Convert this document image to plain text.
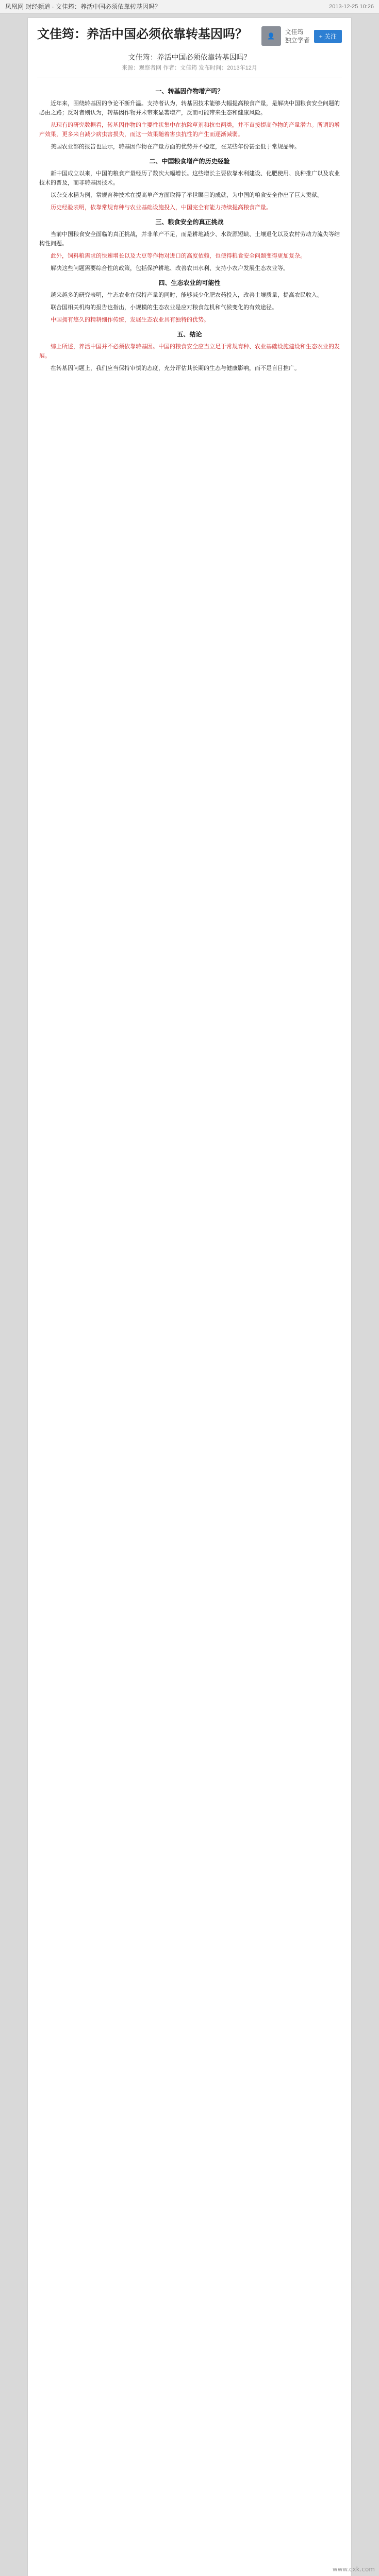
凤凰网 财经频道 · 文佳筠：养活中国必须依靠转基因吗？	2013-12-25 10:26
文佳筠：养活中国必须依靠转基因吗？	👤
文佳筠
独立学者
+ 关注
文佳筠：养活中国必须依靠转基因吗？
来源：观察者网 作者：文佳筠 发布时间：2013年12月
一、转基因作物增产吗？

近年来，围绕转基因的争论不断升温。支持者认为，转基因技术能够大幅提高粮食产量，是解决中国粮食安全问题的必由之路；反对者则认为，转基因作物并未带来显著增产，反而可能带来生态和健康风险。

从现有的研究数据看，转基因作物的主要性状集中在抗除草剂和抗虫两类，并不直接提高作物的产量潜力。所谓的增产效果，更多来自减少病虫害损失，而这一效果随着害虫抗性的产生而逐渐减弱。

美国农业部的报告也显示，转基因作物在产量方面的优势并不稳定，在某些年份甚至低于常规品种。

二、中国粮食增产的历史经验

新中国成立以来，中国的粮食产量经历了数次大幅增长。这些增长主要依靠水利建设、化肥使用、良种推广以及农业技术的普及，而非转基因技术。

以杂交水稻为例，常规育种技术在提高单产方面取得了举世瞩目的成就，为中国的粮食安全作出了巨大贡献。

历史经验表明，依靠常规育种与农业基础设施投入，中国完全有能力持续提高粮食产量。

三、粮食安全的真正挑战

当前中国粮食安全面临的真正挑战，并非单产不足，而是耕地减少、水资源短缺、土壤退化以及农村劳动力流失等结构性问题。

此外，饲料粮需求的快速增长以及大豆等作物对进口的高度依赖，也使得粮食安全问题变得更加复杂。

解决这些问题需要综合性的政策，包括保护耕地、改善农田水利、支持小农户发展生态农业等。

四、生态农业的可能性

越来越多的研究表明，生态农业在保持产量的同时，能够减少化肥农药投入，改善土壤质量，提高农民收入。

联合国相关机构的报告也指出，小规模的生态农业是应对粮食危机和气候变化的有效途径。

中国拥有悠久的精耕细作传统，发展生态农业具有独特的优势。

五、结论

综上所述，养活中国并不必须依靠转基因。中国的粮食安全应当立足于常规育种、农业基础设施建设和生态农业的发展。

在转基因问题上，我们应当保持审慎的态度，充分评估其长期的生态与健康影响，而不是盲目推广。

www.cxk.com
